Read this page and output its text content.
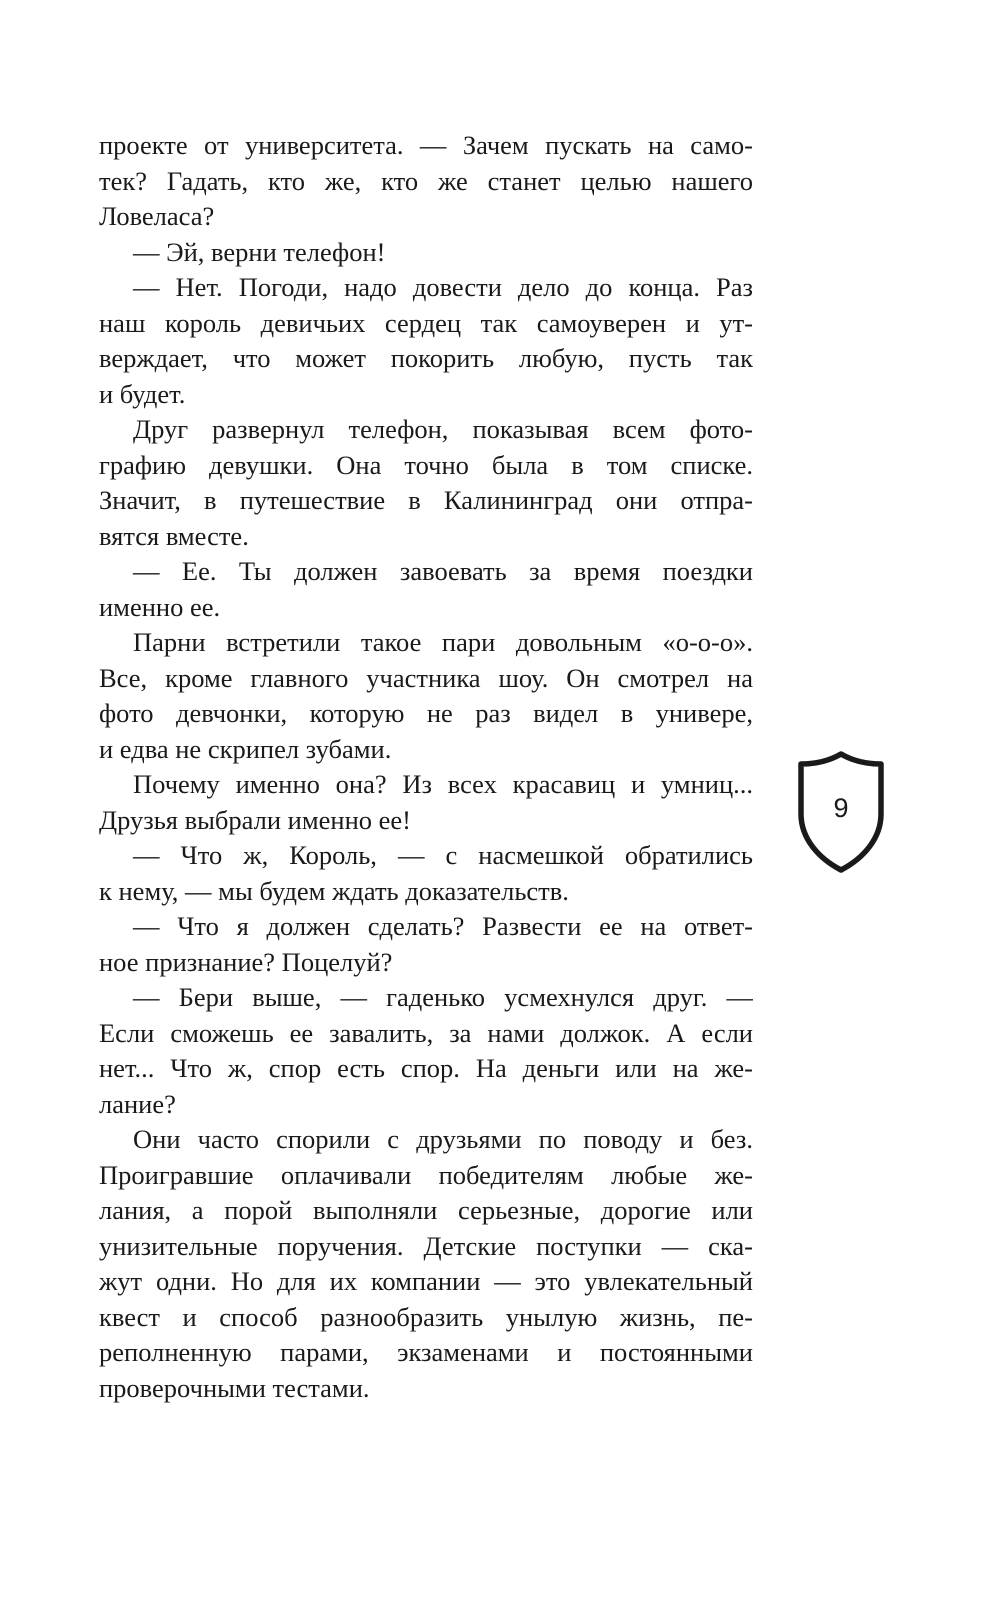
проекте от университета. — Зачем пускать на само-
тек? Гадать, кто же, кто же станет целью нашего
Ловеласа?
— Эй, верни телефон!
— Нет. Погоди, надо довести дело до конца. Раз
наш король девичьих сердец так самоуверен и ут-
верждает, что может покорить любую, пусть так
и будет.
Друг развернул телефон, показывая всем фото-
графию девушки. Она точно была в том списке.
Значит, в путешествие в Калининград они отпра-
вятся вместе.
— Ее. Ты должен завоевать за время поездки
именно ее.
Парни встретили такое пари довольным «о-о-о».
Все, кроме главного участника шоу. Он смотрел на
фото девчонки, которую не раз видел в универе,
и едва не скрипел зубами.
Почему именно она? Из всех красавиц и умниц...
Друзья выбрали именно ее!
— Что ж, Король, — с насмешкой обратились
к нему, — мы будем ждать доказательств.
— Что я должен сделать? Развести ее на ответ-
ное признание? Поцелуй?
— Бери выше, — гаденько усмехнулся друг. —
Если сможешь ее завалить, за нами должок. А если
нет... Что ж, спор есть спор. На деньги или на же-
лание?
Они часто спорили с друзьями по поводу и без.
Проигравшие оплачивали победителям любые же-
лания, а порой выполняли серьезные, дорогие или
унизительные поручения. Детские поступки — ска-
жут одни. Но для их компании — это увлекательный
квест и способ разнообразить унылую жизнь, пе-
реполненную парами, экзаменами и постоянными
проверочными тестами.
9
